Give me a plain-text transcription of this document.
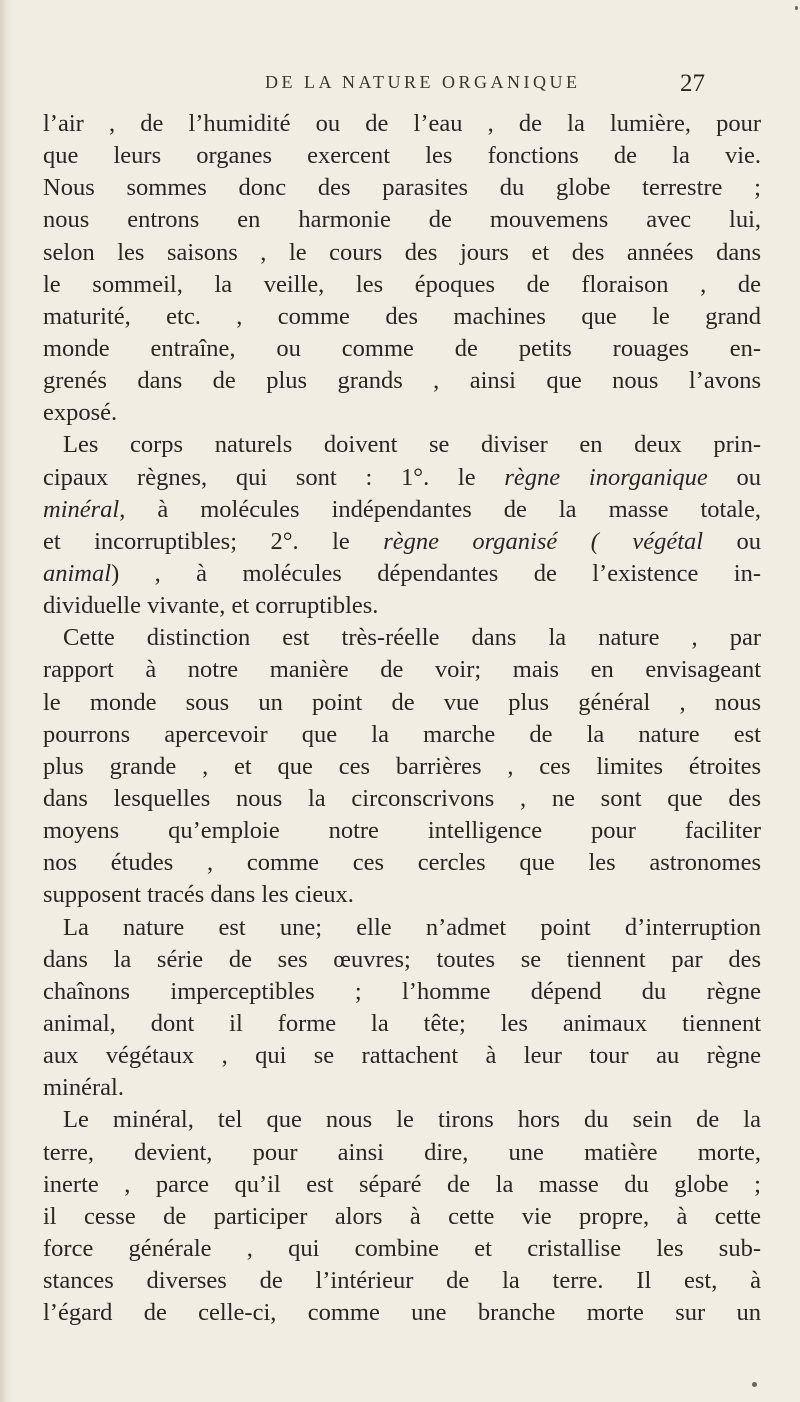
DE LA NATURE ORGANIQUE	27
l’air , de l’humidité ou de l’eau , de la lumière, pour
que leurs organes exercent les fonctions de la vie.
Nous sommes donc des parasites du globe terrestre ;
nous entrons en harmonie de mouvemens avec lui,
selon les saisons , le cours des jours et des années dans
le sommeil, la veille, les époques de floraison , de
maturité, etc. , comme des machines que le grand
monde entraîne, ou comme de petits rouages en-
grenés dans de plus grands , ainsi que nous l’avons
exposé.
Les corps naturels doivent se diviser en deux prin-
cipaux règnes, qui sont : 1°. le règne inorganique ou
minéral, à molécules indépendantes de la masse totale,
et incorruptibles; 2°. le règne organisé ( végétal ou
animal) , à molécules dépendantes de l’existence in-
dividuelle vivante, et corruptibles.
Cette distinction est très-réelle dans la nature , par
rapport à notre manière de voir; mais en envisageant
le monde sous un point de vue plus général , nous
pourrons apercevoir que la marche de la nature est
plus grande , et que ces barrières , ces limites étroites
dans lesquelles nous la circonscrivons , ne sont que des
moyens qu’emploie notre intelligence pour faciliter
nos études , comme ces cercles que les astronomes
supposent tracés dans les cieux.
La nature est une; elle n’admet point d’interruption
dans la série de ses œuvres; toutes se tiennent par des
chaînons imperceptibles ; l’homme dépend du règne
animal, dont il forme la tête; les animaux tiennent
aux végétaux , qui se rattachent à leur tour au règne
minéral.
Le minéral, tel que nous le tirons hors du sein de la
terre, devient, pour ainsi dire, une matière morte,
inerte , parce qu’il est séparé de la masse du globe ;
il cesse de participer alors à cette vie propre, à cette
force générale , qui combine et cristallise les sub-
stances diverses de l’intérieur de la terre. Il est, à
l’égard de celle-ci, comme une branche morte sur un
